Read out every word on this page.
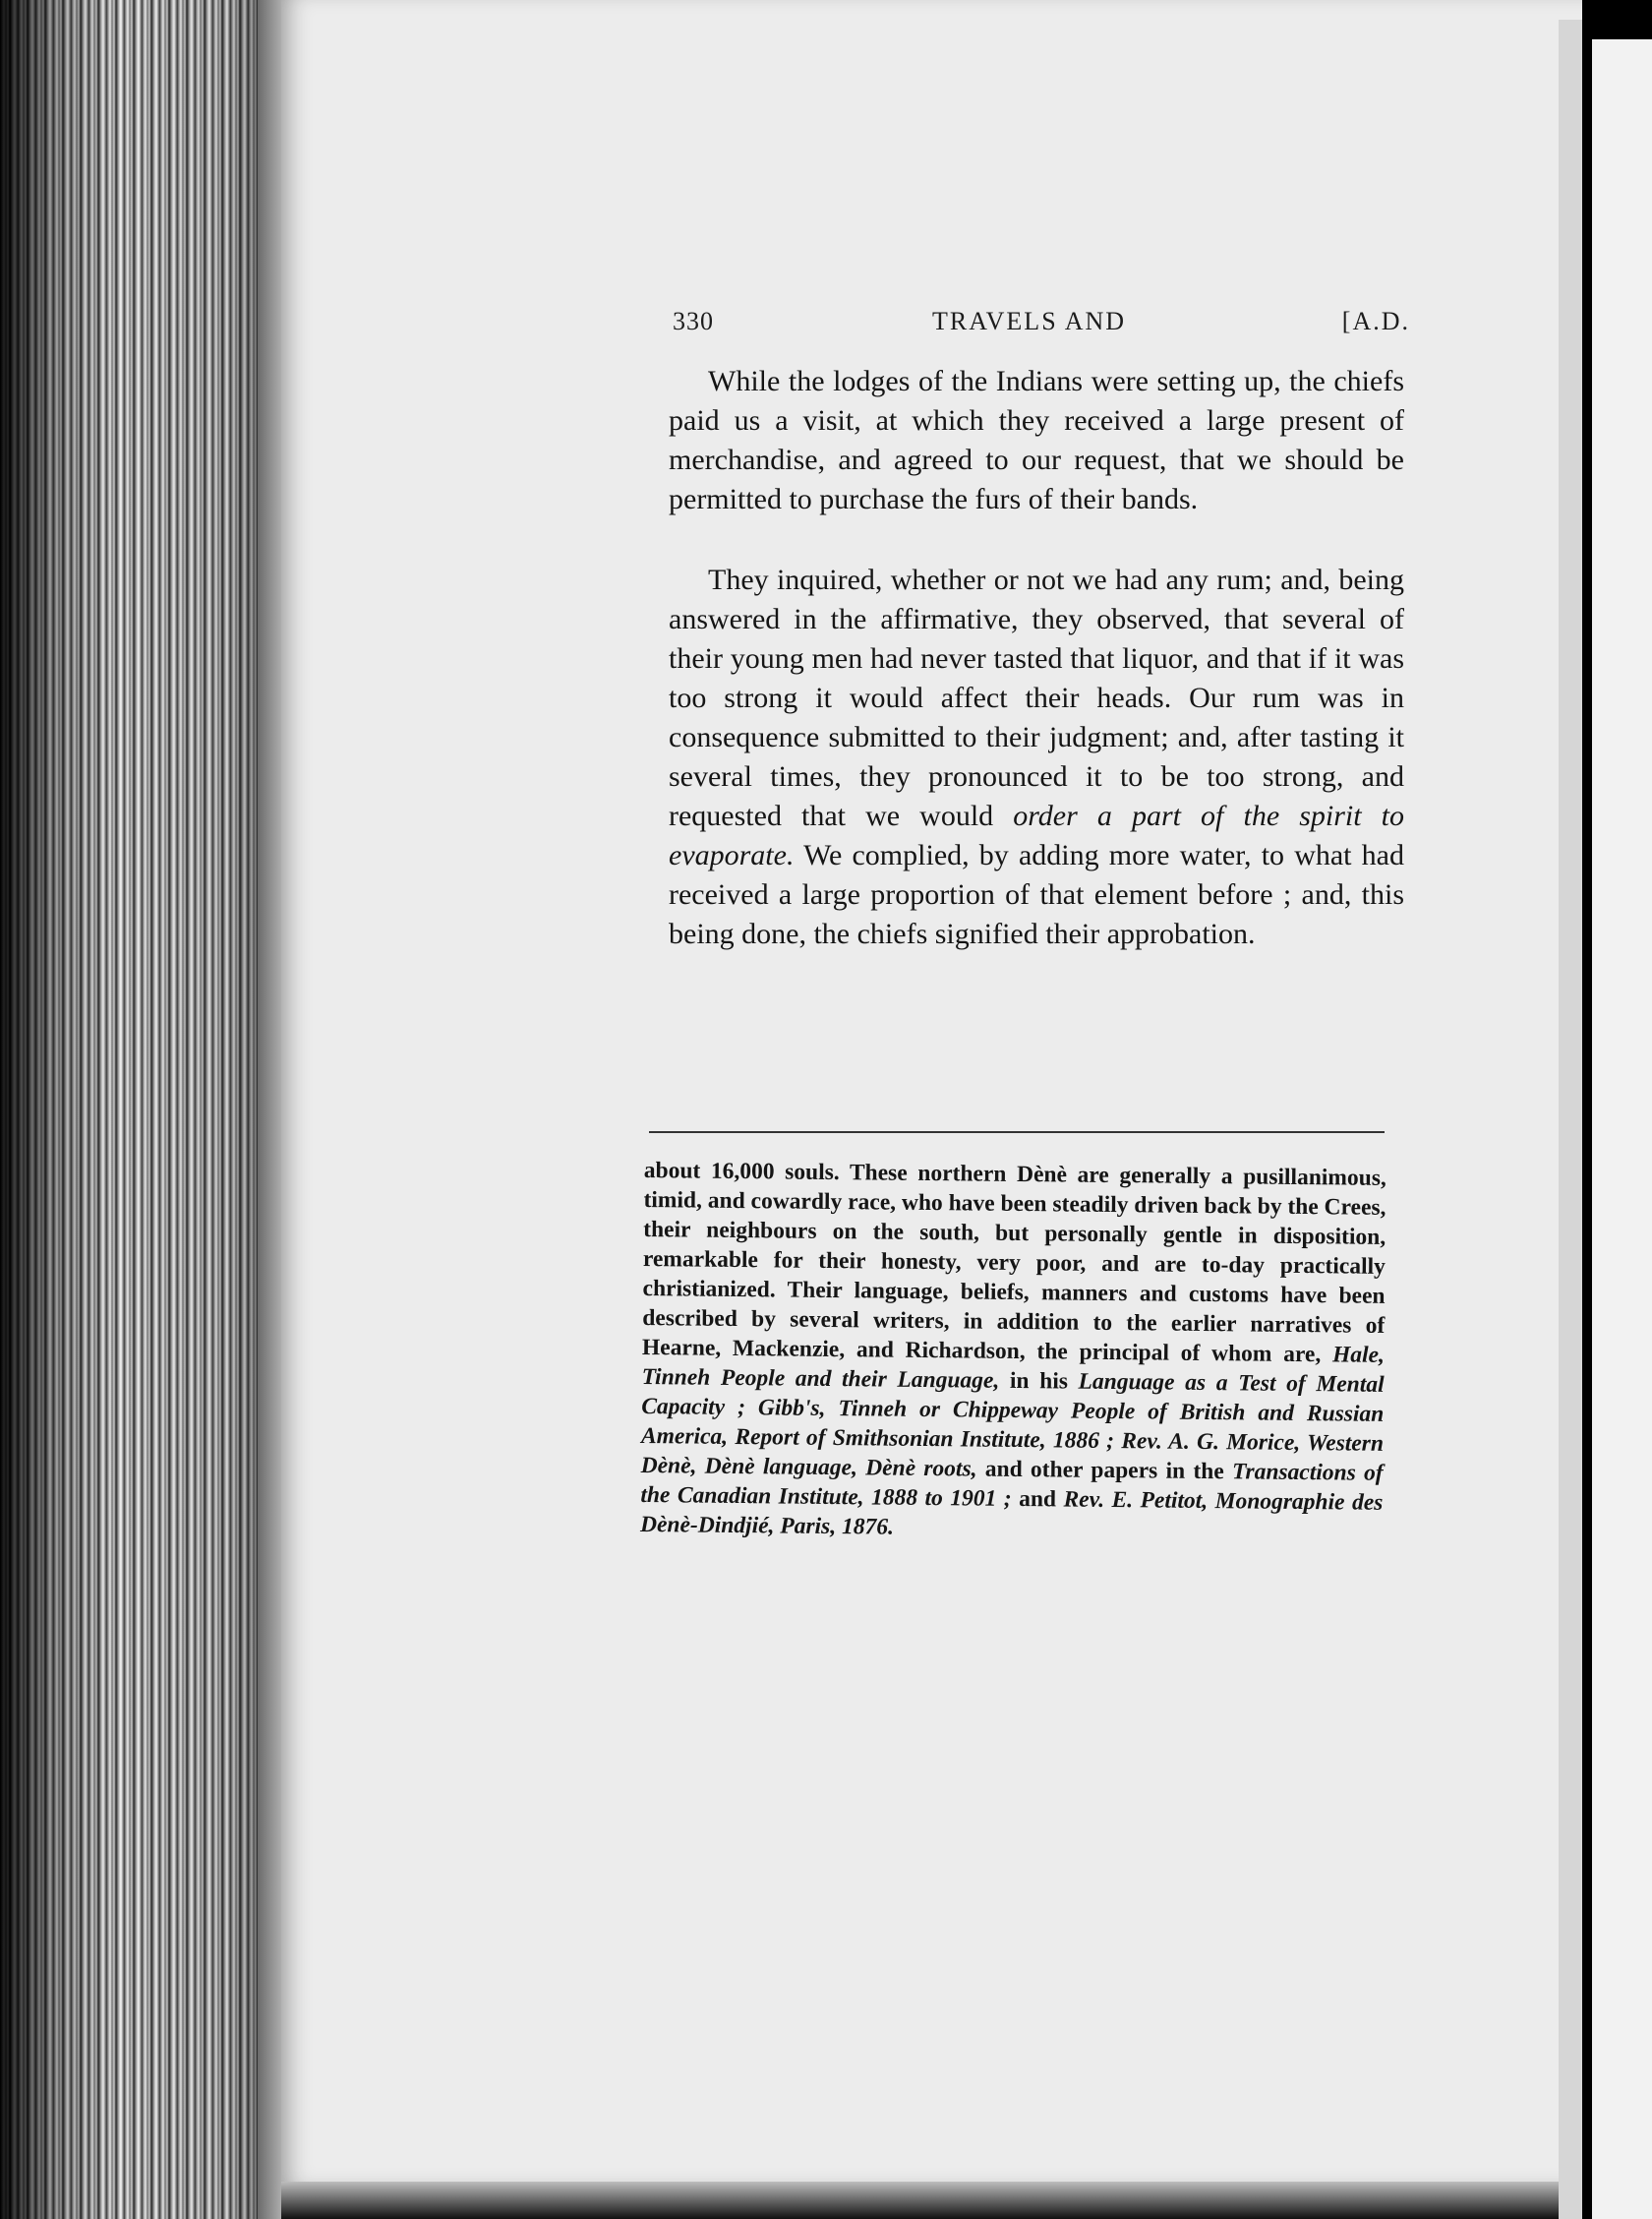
330	TRAVELS AND	[A.D.

While the lodges of the Indians were setting up, the chiefs paid us a visit, at which they received a large present of merchandise, and agreed to our request, that we should be permitted to purchase the furs of their bands.

They inquired, whether or not we had any rum; and, being answered in the affirmative, they observed, that several of their young men had never tasted that liquor, and that if it was too strong it would affect their heads. Our rum was in consequence submitted to their judgment; and, after tasting it several times, they pronounced it to be too strong, and requested that we would order a part of the spirit to evaporate. We complied, by adding more water, to what had received a large proportion of that element before ; and, this being done, the chiefs signified their approbation.

about 16,000 souls. These northern Dènè are generally a pusillanimous, timid, and cowardly race, who have been steadily driven back by the Crees, their neighbours on the south, but personally gentle in disposition, remarkable for their honesty, very poor, and are to-day practically christianized. Their language, beliefs, manners and customs have been described by several writers, in addition to the earlier narratives of Hearne, Mackenzie, and Richardson, the principal of whom are, Hale, Tinneh People and their Language, in his Language as a Test of Mental Capacity ; Gibb's, Tinneh or Chippeway People of British and Russian America, Report of Smithsonian Institute, 1886 ; Rev. A. G. Morice, Western Dènè, Dènè language, Dènè roots, and other papers in the Transactions of the Canadian Institute, 1888 to 1901 ; and Rev. E. Petitot, Monographie des Dènè-Dindjié, Paris, 1876.
